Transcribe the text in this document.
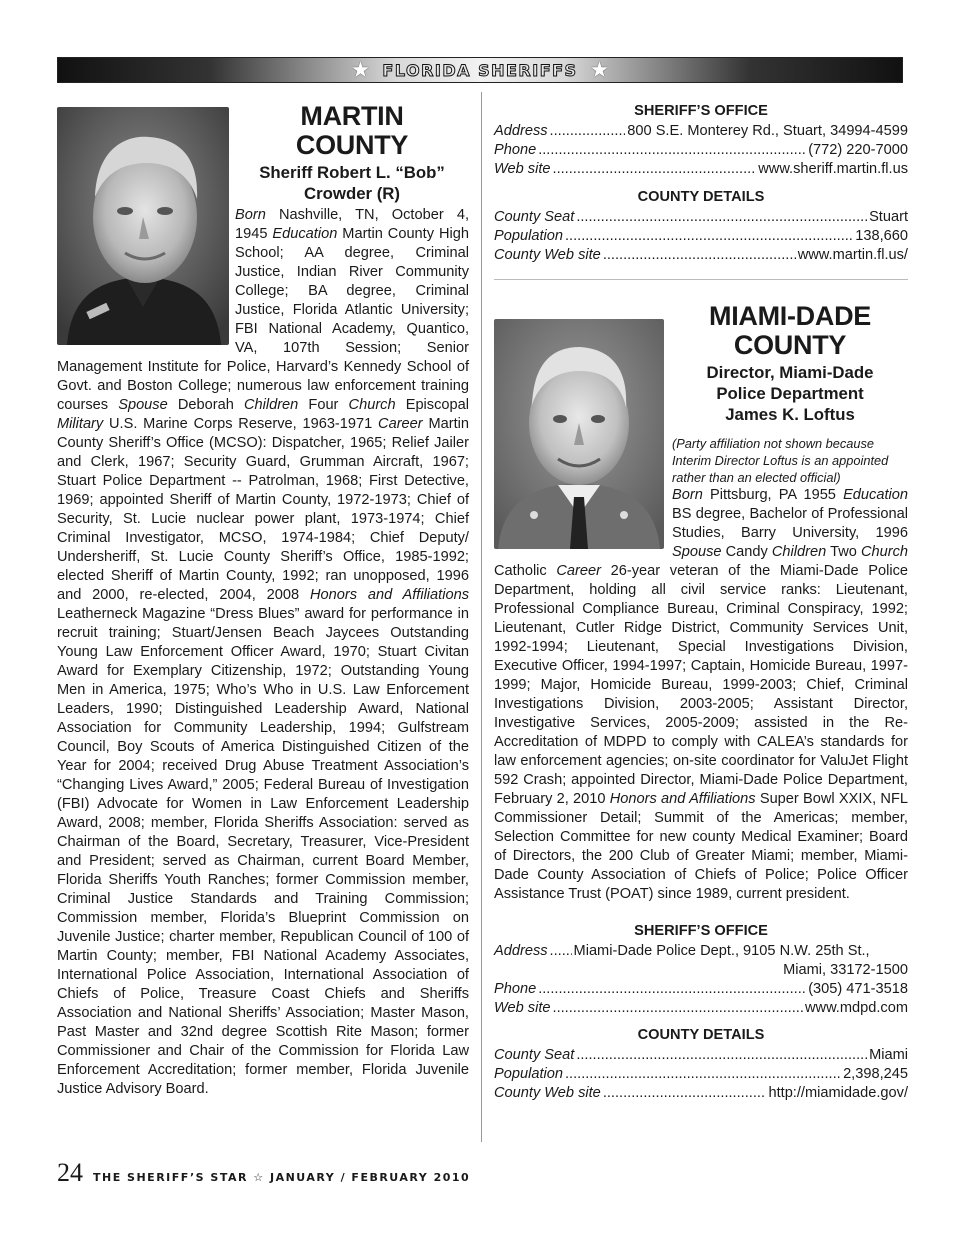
★ FLORIDA SHERIFFS ★
MARTIN
COUNTY
Sheriff Robert L. “Bob”
Crowder (R)

Born Nashville, TN, October 4, 1945 Education Martin County High School; AA degree, Criminal Justice, Indian River Community College; BA degree, Criminal Justice, Florida Atlantic University; FBI National Academy, Quantico, VA, 107th Session; Senior Management Institute for Police, Harvard’s Kennedy School of Govt. and Boston College; numerous law enforcement training courses Spouse Deborah Children Four Church Episcopal Military U.S. Marine Corps Reserve, 1963-1971 Career Martin County Sheriff’s Office (MCSO): Dispatcher, 1965; Relief Jailer and Clerk, 1967; Security Guard, Grumman Aircraft, 1967; Stuart Police Department -- Patrolman, 1968; First Detective, 1969; appointed Sheriff of Martin County, 1972-1973; Chief of Security, St. Lucie nuclear power plant, 1973-1974; Chief Criminal Investigator, MCSO, 1974-1984; Chief Deputy/ Undersheriff, St. Lucie County Sheriff’s Office, 1985-1992; elected Sheriff of Martin County, 1992; ran unopposed, 1996 and 2000, re-elected, 2004, 2008 Honors and Affiliations Leatherneck Magazine “Dress Blues” award for performance in recruit training; Stuart/Jensen Beach Jaycees Outstanding Young Law Enforcement Officer Award, 1970; Stuart Civitan Award for Exemplary Citizenship, 1972; Outstanding Young Men in America, 1975; Who’s Who in U.S. Law Enforcement Leaders, 1990; Distinguished Leadership Award, National Association for Community Leadership, 1994; Gulfstream Council, Boy Scouts of America Distinguished Citizen of the Year for 2004; received Drug Abuse Treatment Association’s “Changing Lives Award,” 2005; Federal Bureau of Investigation (FBI) Advocate for Women in Law Enforcement Leadership Award, 2008; member, Florida Sheriffs Association: served as Chairman of the Board, Secretary, Treasurer, Vice-President and President; served as Chairman, current Board Member, Florida Sheriffs Youth Ranches; former Commission member, Criminal Justice Standards and Training Commission; Commission member, Florida’s Blueprint Commission on Juvenile Justice; charter member, Republican Council of 100 of Martin County; member, FBI National Academy Associates, International Police Association, International Association of Chiefs of Police, Treasure Coast Chiefs and Sheriffs Association and National Sheriffs’ Association; Master Mason, Past Master and 32nd degree Scottish Rite Mason; former Commissioner and Chair of the Commission for Florida Law Enforcement Accreditation; former member, Florida Juvenile Justice Advisory Board.

SHERIFF’S OFFICE
Address .....	800 S.E. Monterey Rd., Stuart, 34994-4599
Phone .....	(772) 220-7000
Web site .....	www.sheriff.martin.fl.us
COUNTY DETAILS
County Seat .....	Stuart
Population .....	138,660
County Web site .....	www.martin.fl.us/
MIAMI-DADE
COUNTY
Director, Miami-Dade
Police Department
James K. Loftus

(Party affiliation not shown because Interim Director Loftus is an appointed rather than an elected official)

Born Pittsburg, PA 1955 Education BS degree, Bachelor of Professional Studies, Barry University, 1996 Spouse Candy Children Two Church Catholic Career 26-year veteran of the Miami-Dade Police Department, holding all civil service ranks: Lieutenant, Professional Compliance Bureau, Criminal Conspiracy, 1992; Lieutenant, Cutler Ridge District, Community Services Unit, 1992-1994; Lieutenant, Special Investigations Division, Executive Officer, 1994-1997; Captain, Homicide Bureau, 1997-1999; Major, Homicide Bureau, 1999-2003; Chief, Criminal Investigations Division, 2003-2005; Assistant Director, Investigative Services, 2005-2009; assisted in the Re-Accreditation of MDPD to comply with CALEA’s standards for law enforcement agencies; on-site coordinator for ValuJet Flight 592 Crash; appointed Director, Miami-Dade Police Department, February 2, 2010 Honors and Affiliations Super Bowl XXIX, NFL Commissioner Detail; Summit of the Americas; member, Selection Committee for new county Medical Examiner; Board of Directors, the 200 Club of Greater Miami; member, Miami-Dade County Association of Chiefs of Police; Police Officer Assistance Trust (POAT) since 1989, current president.

SHERIFF’S OFFICE
Address ..... Miami-Dade Police Dept., 9105 N.W. 25th St.,
Miami, 33172-1500
Phone .....	(305) 471-3518
Web site .....	www.mdpd.com
COUNTY DETAILS
County Seat .....	Miami
Population .....	2,398,245
County Web site .....	http://miamidade.gov/
24 THE SHERIFF’S STAR ☆ JANUARY / FEBRUARY 2010
